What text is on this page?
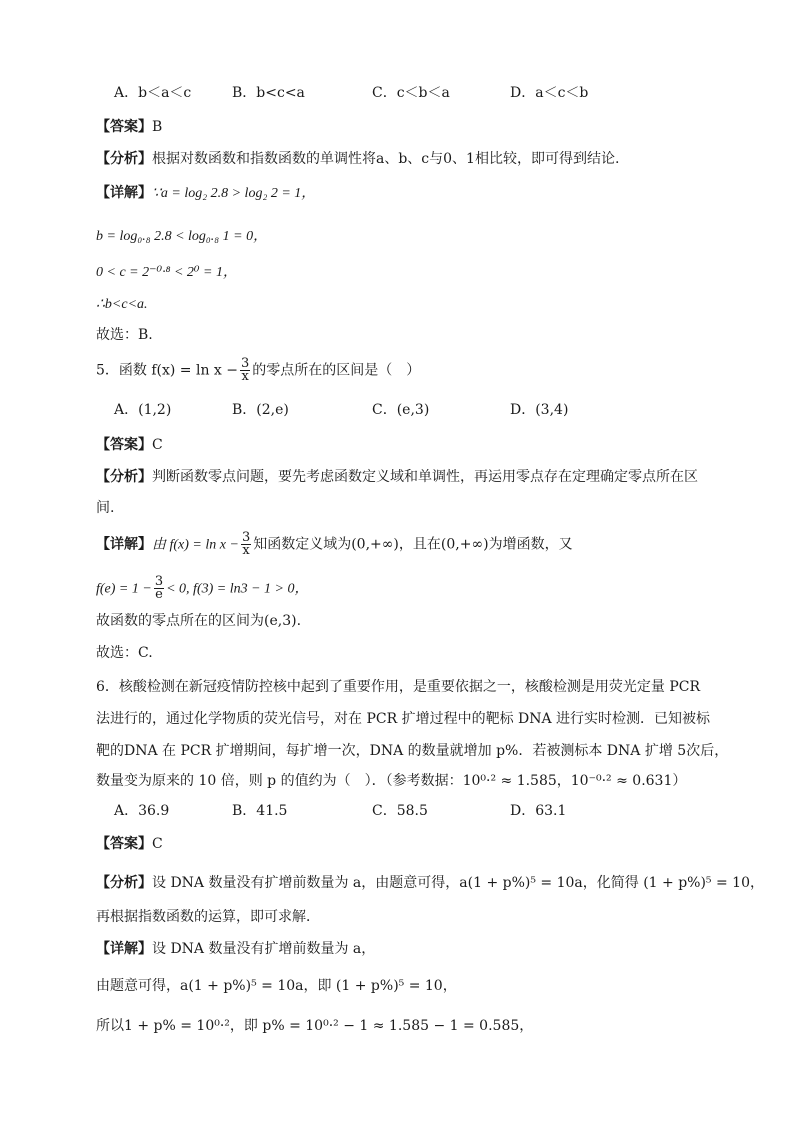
A．b＜a＜c	B．b<c<a	C．c＜b＜a	D．a＜c＜b
【答案】B
【分析】根据对数函数和指数函数的单调性将a、b、c与0、1相比较，即可得到结论.
【详解】∵a = log₂ 2.8 > log₂ 2 = 1，
b = log₀.₈ 2.8 < log₀.₈ 1 = 0，
0 < c = 2⁻⁰·⁸ < 2⁰ = 1，
∴b<c<a.
故选：B.
5．函数 $f(x) = \ln x - \frac{3}{x}$ 的零点所在的区间是（　）
A．(1,2)	B．(2,e)	C．(e,3)	D．(3,4)
【答案】C
【分析】判断函数零点问题，要先考虑函数定义域和单调性，再运用零点存在定理确定零点所在区
间.
【详解】由 $f(x) = \ln x - \frac{3}{x}$ 知函数定义域为(0,+∞)，且在(0,+∞)为增函数，又
$f(e) = 1 - \frac{3}{e} < 0$, f(3) = ln3 − 1 > 0，
故函数的零点所在的区间为(e,3).
故选：C.
6．核酸检测在新冠疫情防控核中起到了重要作用，是重要依据之一，核酸检测是用荧光定量 PCR
法进行的，通过化学物质的荧光信号，对在 PCR 扩增过程中的靶标 DNA 进行实时检测．已知被标
靶的DNA 在 PCR 扩增期间，每扩增一次，DNA 的数量就增加 p%．若被测标本 DNA 扩增 5次后，
数量变为原来的 10 倍，则 p 的值约为（　）．（参考数据：10⁰·² ≈ 1.585，10⁻⁰·² ≈ 0.631）
A．36.9	B．41.5	C．58.5	D．63.1
【答案】C
【分析】设 DNA 数量没有扩增前数量为 a，由题意可得，a(1 + p%)⁵ = 10a，化简得 (1 + p%)⁵ = 10，
再根据指数函数的运算，即可求解．
【详解】设 DNA 数量没有扩增前数量为 a，
由题意可得，a(1 + p%)⁵ = 10a，即 (1 + p%)⁵ = 10，
所以1 + p% = 10⁰·²，即 p% = 10⁰·² − 1 ≈ 1.585 − 1 = 0.585，
